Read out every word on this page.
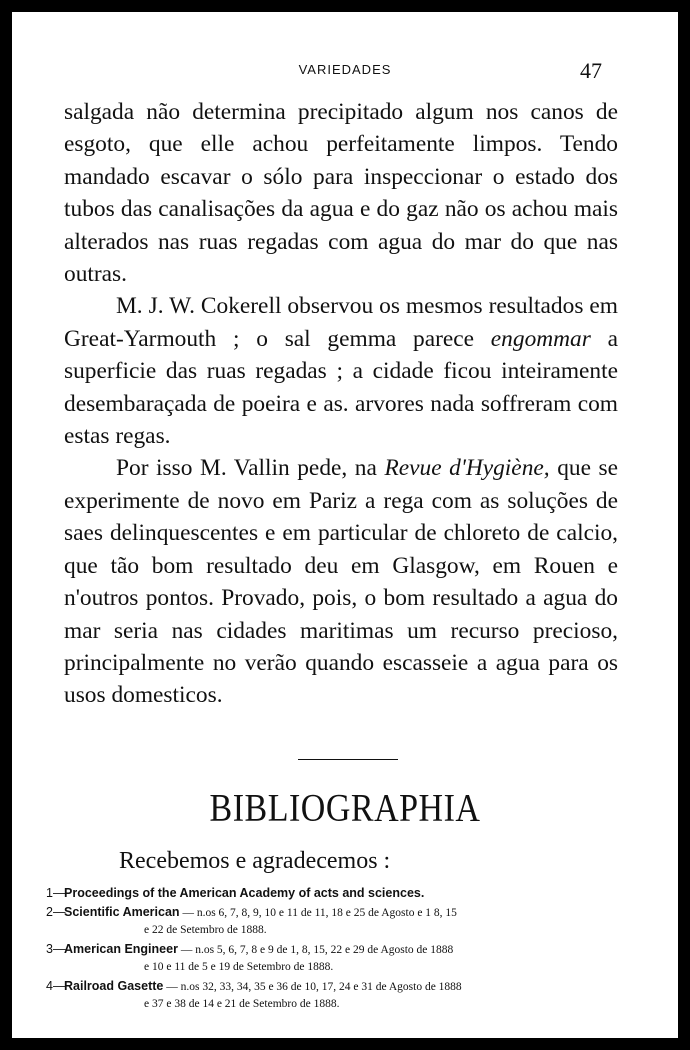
VARIEDADES	47

salgada não determina precipitado algum nos canos de esgoto, que elle achou perfeitamente limpos. Tendo mandado escavar o sólo para inspeccionar o estado dos tubos das canalisações da agua e do gaz não os achou mais alterados nas ruas regadas com agua do mar do que nas outras.

M. J. W. Cokerell observou os mesmos resultados em Great-Yarmouth ; o sal gemma parece engommar a superficie das ruas regadas ; a cidade ficou inteiramente desembaraçada de poeira e as. arvores nada soffreram com estas regas.

Por isso M. Vallin pede, na Revue d'Hygiène, que se experimente de novo em Pariz a rega com as soluções de saes delinquescentes e em particular de chloreto de calcio, que tão bom resultado deu em Glasgow, em Rouen e n'outros pontos. Provado, pois, o bom resultado a agua do mar seria nas cidades maritimas um recurso precioso, principalmente no verão quando escasseie a agua para os usos domesticos.

BIBLIOGRAPHIA
Recebemos e agradecemos :
1—
Proceedings of the American Academy of acts and sciences.
2—
Scientific American — n.os 6, 7, 8, 9, 10 e 11 de 11, 18 e 25 de Agosto e 1 8, 15
e 22 de Setembro de 1888.
3—
American Engineer — n.os 5, 6, 7, 8 e 9 de 1, 8, 15, 22 e 29 de Agosto de 1888
e 10 e 11 de 5 e 19 de Setembro de 1888.
4—
Railroad Gasette — n.os 32, 33, 34, 35 e 36 de 10, 17, 24 e 31 de Agosto de 1888
e 37 e 38 de 14 e 21 de Setembro de 1888.
